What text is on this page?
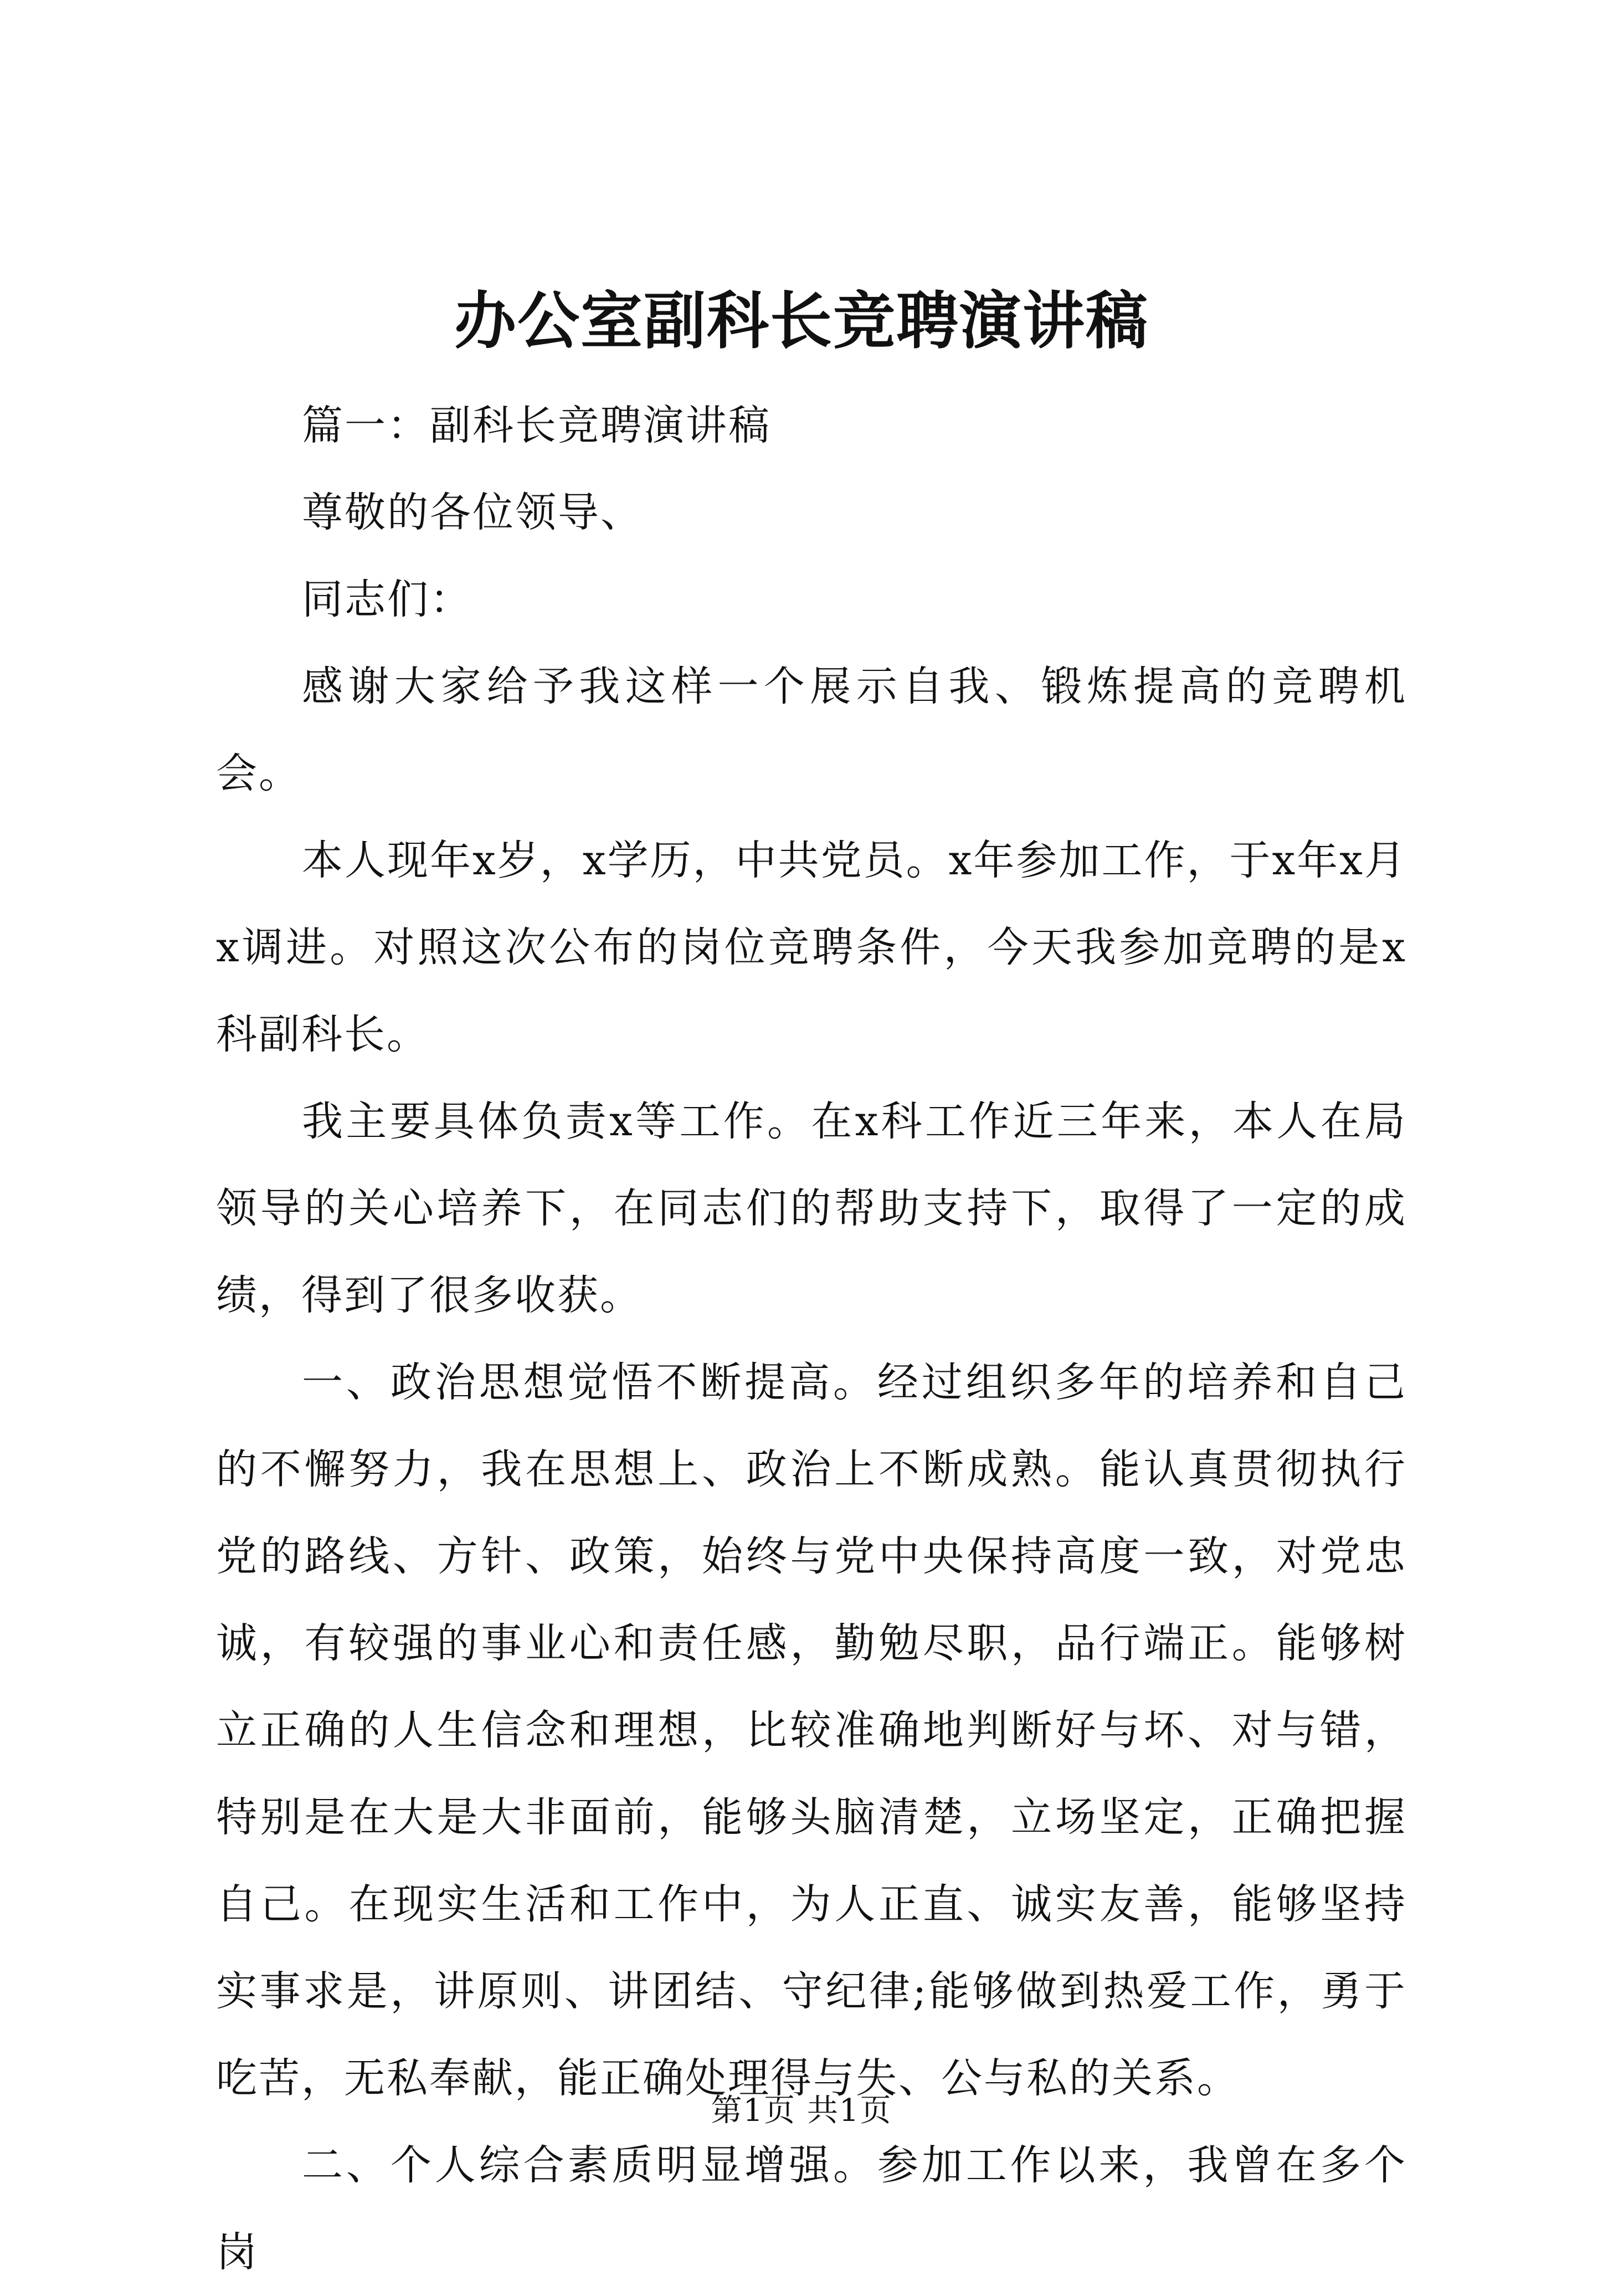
办公室副科长竞聘演讲稿

篇一：副科长竞聘演讲稿

尊敬的各位领导、

同志们：

感谢大家给予我这样一个展示自我、锻炼提高的竞聘机会。

本人现年x岁，x学历，中共党员。x年参加工作，于x年x月x调进。对照这次公布的岗位竞聘条件，今天我参加竞聘的是x科副科长。

我主要具体负责x等工作。在x科工作近三年来，本人在局领导的关心培养下，在同志们的帮助支持下，取得了一定的成绩，得到了很多收获。

一、政治思想觉悟不断提高。经过组织多年的培养和自己的不懈努力，我在思想上、政治上不断成熟。能认真贯彻执行党的路线、方针、政策，始终与党中央保持高度一致，对党忠诚，有较强的事业心和责任感，勤勉尽职，品行端正。能够树立正确的人生信念和理想，比较准确地判断好与坏、对与错，特别是在大是大非面前，能够头脑清楚，立场坚定，正确把握自己。在现实生活和工作中，为人正直、诚实友善，能够坚持实事求是，讲原则、讲团结、守纪律;能够做到热爱工作，勇于吃苦，无私奉献，能正确处理得与失、公与私的关系。

二、个人综合素质明显增强。参加工作以来，我曾在多个岗

第1页 共1页
